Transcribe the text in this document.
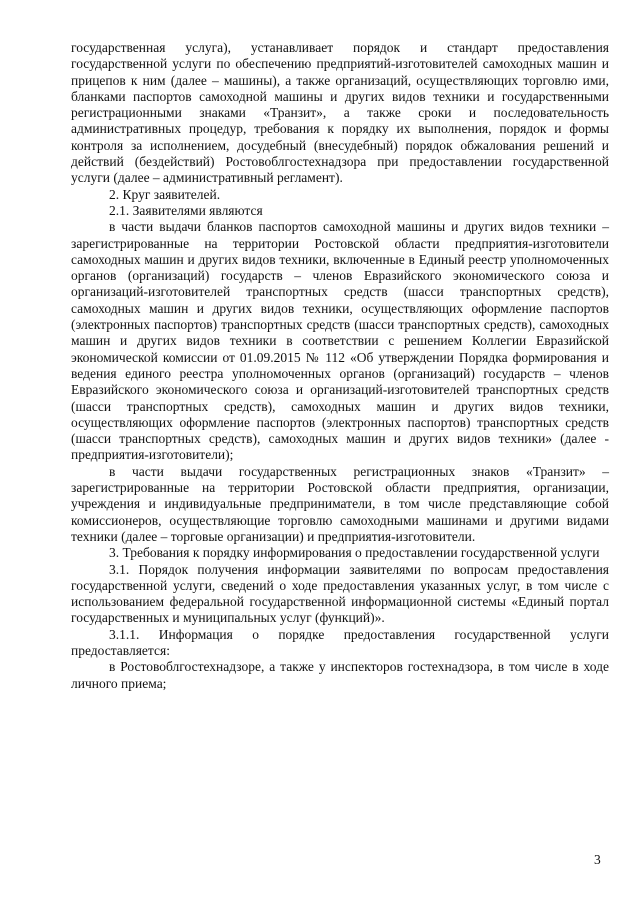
государственная услуга), устанавливает порядок и стандарт предоставления государственной услуги по обеспечению предприятий-изготовителей самоходных машин и прицепов к ним (далее – машины), а также организаций, осуществляющих торговлю ими, бланками паспортов самоходной машины и других видов техники и государственными регистрационными знаками «Транзит», а также сроки и последовательность административных процедур, требования к порядку их выполнения, порядок и формы контроля за исполнением, досудебный (внесудебный) порядок обжалования решений и действий (бездействий) Ростовоблгостехнадзора при предоставлении государственной услуги (далее – административный регламент).

2. Круг заявителей.

2.1. Заявителями являются

в части выдачи бланков паспортов самоходной машины и других видов техники – зарегистрированные на территории Ростовской области предприятия-изготовители самоходных машин и других видов техники, включенные в Единый реестр уполномоченных органов (организаций) государств – членов Евразийского экономического союза и организаций-изготовителей транспортных средств (шасси транспортных средств), самоходных машин и других видов техники, осуществляющих оформление паспортов (электронных паспортов) транспортных средств (шасси транспортных средств), самоходных машин и других видов техники в соответствии с решением Коллегии Евразийской экономической комиссии от 01.09.2015 № 112 «Об утверждении Порядка формирования и ведения единого реестра уполномоченных органов (организаций) государств – членов Евразийского экономического союза и организаций-изготовителей транспортных средств (шасси транспортных средств), самоходных машин и других видов техники, осуществляющих оформление паспортов (электронных паспортов) транспортных средств (шасси транспортных средств), самоходных машин и других видов техники» (далее - предприятия-изготовители);

в части выдачи государственных регистрационных знаков «Транзит» – зарегистрированные на территории Ростовской области предприятия, организации, учреждения и индивидуальные предприниматели, в том числе представляющие собой комиссионеров, осуществляющие торговлю самоходными машинами и другими видами техники (далее – торговые организации) и предприятия-изготовители.

3. Требования к порядку информирования о предоставлении государственной услуги

3.1. Порядок получения информации заявителями по вопросам предоставления государственной услуги, сведений о ходе предоставления указанных услуг, в том числе с использованием федеральной государственной информационной системы «Единый портал государственных и муниципальных услуг (функций)».

3.1.1. Информация о порядке предоставления государственной услуги предоставляется:

в Ростовоблгостехнадзоре, а также у инспекторов гостехнадзора, в том числе в ходе личного приема;

3
